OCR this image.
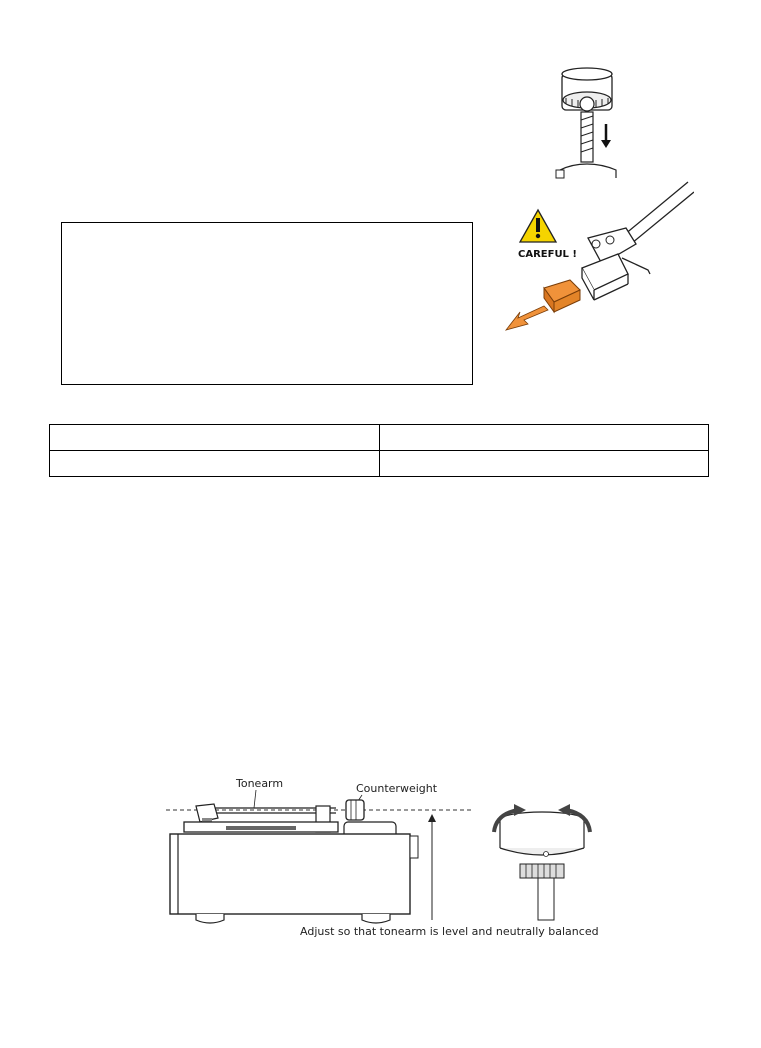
CAREFUL !

Tonearm	Counterweight
Adjust so that tonearm is level and neutrally balanced
